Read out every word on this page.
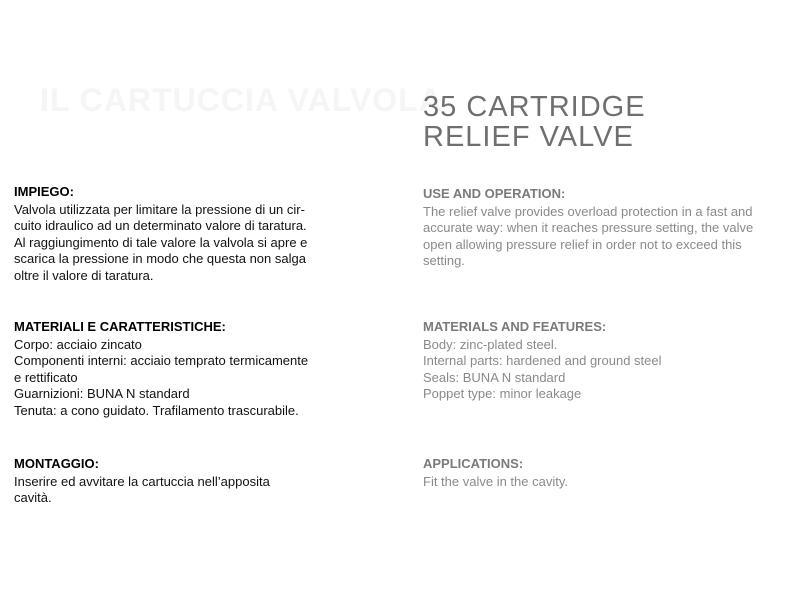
IL CARTUCCIA VALVOLA
35 CARTRIDGE
RELIEF VALVE
IMPIEGO:
Valvola utilizzata per limitare la pressione di un cir-
cuito idraulico ad un determinato valore di taratura.
Al raggiungimento di tale valore la valvola si apre e
scarica la pressione in modo che questa non salga
oltre il valore di taratura.
MATERIALI E CARATTERISTICHE:
Corpo: acciaio zincato
Componenti interni: acciaio temprato termicamente
e rettificato
Guarnizioni: BUNA N standard
Tenuta: a cono guidato. Trafilamento trascurabile.
MONTAGGIO:
Inserire ed avvitare la cartuccia nell’apposita
cavità.
USE AND OPERATION:
The relief valve provides overload protection in a fast and
accurate way: when it reaches pressure setting, the valve
open allowing pressure relief in order not to exceed this
setting.
MATERIALS AND FEATURES:
Body: zinc-plated steel.
Internal parts: hardened and ground steel
Seals: BUNA N standard
Poppet type: minor leakage
APPLICATIONS:
Fit the valve in the cavity.
